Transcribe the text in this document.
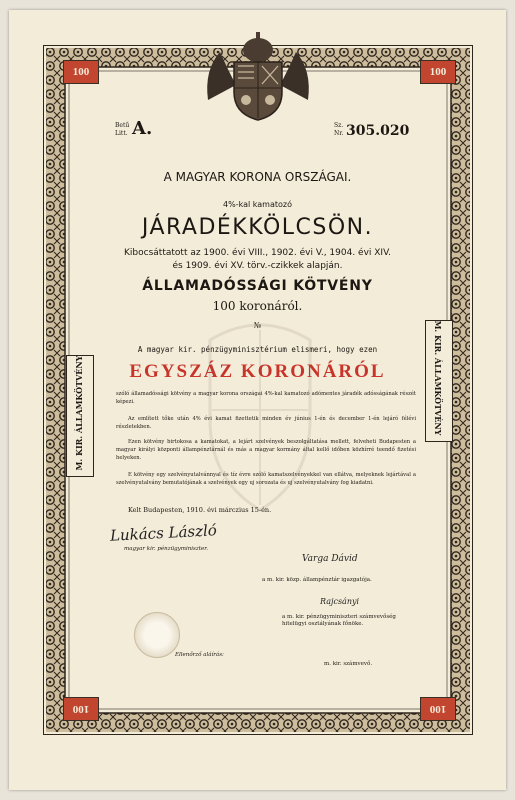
100	100
100	100
M. KIR. ÁLLAMKÖTVÉNY	M. KIR. ÁLLAMKÖTVÉNY
Betű
Litt. A.	Sz.
Nr. 305.020
A MAGYAR KORONA ORSZÁGAI.
4%-kal kamatozó
JÁRADÉKKÖLCSÖN.
Kibocsáttatott az 1900. évi VIII., 1902. évi V., 1904. évi XIV.
és 1909. évi XV. törv.-czikkek alapján.
ÁLLAMADÓSSÁGI KÖTVÉNY
100 koronáról.
№
A magyar kir. pénzügyminisztérium elismeri, hogy ezen
EGYSZÁZ KORONÁRÓL
szóló államadóssági kötvény a magyar korona országai 4%-kal kamatozó adómentes járadék adósságának részét képezi.
Az említett tőke után 4% évi kamat fizettetik minden év június 1-én és december 1-én lejáró félévi részletekben.
Ezen kötvény birtokosa a kamatokat, a lejárt szelvények beszolgáltatása mellett, felveheti Budapesten a magyar királyi központi állampénztárnál és más a magyar kormány által kellő időben közhírré teendő fizetési helyeken.
E kötvény egy szelvényutalvánnyal és tíz évre szóló kamatszelvényekkel van ellátva, melyeknek lejártával a szelvényutalvány bemutatójának a szelvények egy uj sorozata és uj szelvényutalvány fog kiadatni.
Kelt Budapesten, 1910. évi márczius 15-én.
Lukács László
magyar kir. pénzügyminiszter.
Varga Dávid
a m. kir. közp. állampénztár igazgatója.
Rajcsányi
a m. kir. pénzügyminiszteri számvevőség hitelügyi osztályának főnöke.
Ellenőrző aláírás:
m. kir. számvevő.
